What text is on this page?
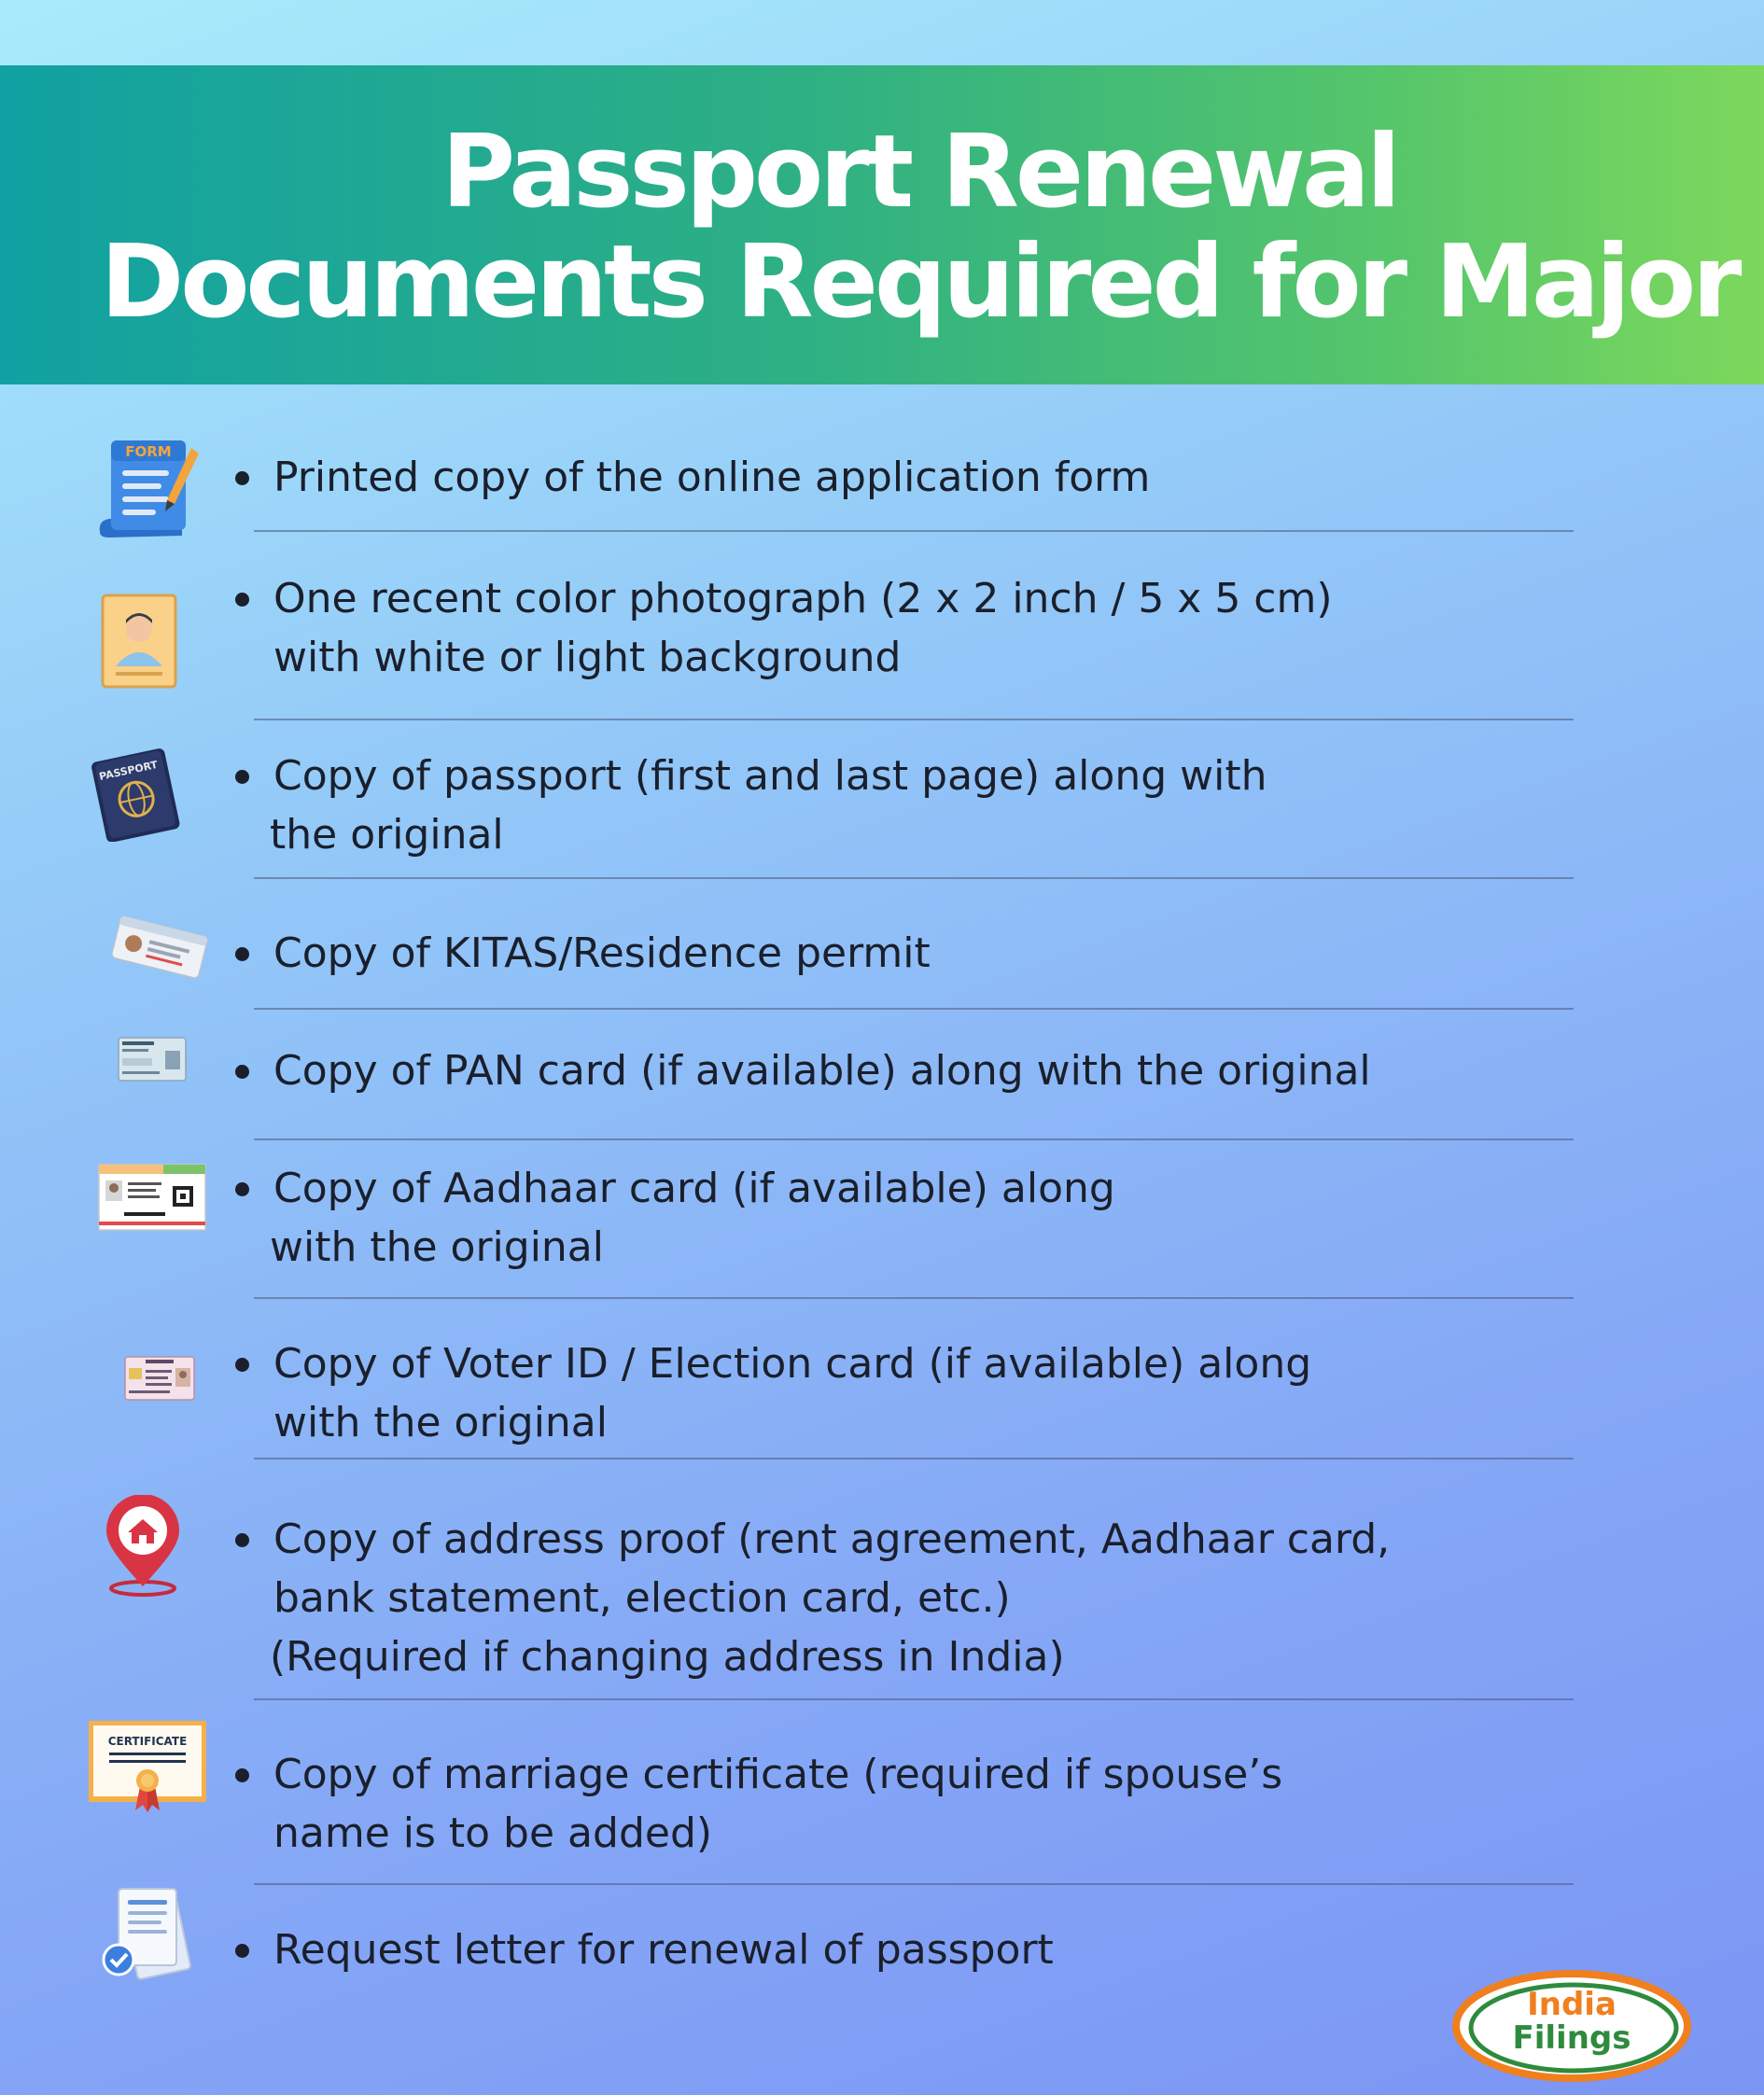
Passport Renewal
Documents Required for Major
FORM
Printed copy of the online application form
One recent color photograph (2 x 2 inch / 5 x 5 cm)
with white or light background
PASSPORT	Copy of passport (first and last page) along with
the original
Copy of KITAS/Residence permit
Copy of PAN card (if available) along with the original
Copy of Aadhaar card (if available) along
with the original
Copy of Voter ID / Election card (if available) along
with the original
Copy of address proof (rent agreement, Aadhaar card,
bank statement, election card, etc.)
(Required if changing address in India)
CERTIFICATE
Copy of marriage certificate (required if spouse’s
name is to be added)
Request letter for renewal of passport
India
Filings
